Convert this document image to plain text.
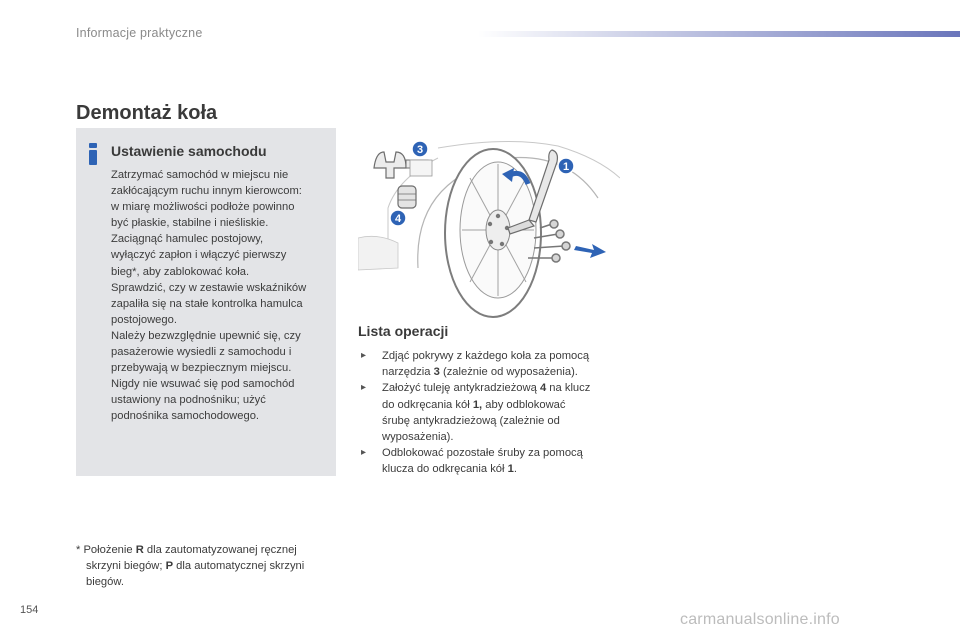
Informacje praktyczne
Demontaż koła
Ustawienie samochodu

Zatrzymać samochód w miejscu nie

zakłócającym ruchu innym kierowcom:

w miarę możliwości podłoże powinno

być płaskie, stabilne i nieśliskie.

Zaciągnąć hamulec postojowy,

wyłączyć zapłon i włączyć pierwszy

bieg*, aby zablokować koła.

Sprawdzić, czy w zestawie wskaźników

zapaliła się na stałe kontrolka hamulca

postojowego.

Należy bezwzględnie upewnić się, czy

pasażerowie wysiedli z samochodu i

przebywają w bezpiecznym miejscu.

Nigdy nie wsuwać się pod samochód

ustawiony na podnośniku; użyć

podnośnika samochodowego.

3
1
4
Lista operacji
▸ Zdjąć pokrywy z każdego koła za pomocą
narzędzia 3 (zależnie od wyposażenia).
▸ Założyć tuleję antykradzieżową 4 na klucz
do odkręcania kół 1, aby odblokować
śrubę antykradzieżową (zależnie od
wyposażenia).
▸ Odblokować pozostałe śruby za pomocą
klucza do odkręcania kół 1.
* Położenie R dla zautomatyzowanej ręcznej
skrzyni biegów; P dla automatycznej skrzyni
biegów.
154
carmanualsonline.info
